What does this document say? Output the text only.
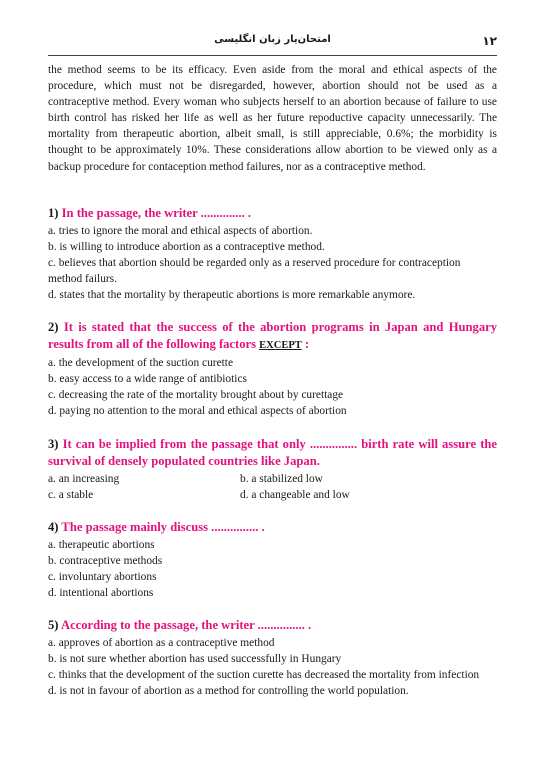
امتحان‌یار زبان انگلیسی	۱۲

the method seems to be its efficacy. Even aside from the moral and ethical aspects of the procedure, which must not be disregarded, however, abortion should not be used as a contraceptive method. Every woman who subjects herself to an abortion because of failure to use birth control has risked her life as well as her future repoductive capacity unnecessarily. The mortality from therapeutic abortion, albeit small, is still appreciable, 0.6%; the morbidity is thought to be approximately 10%. These considerations allow abortion to be viewed only as a backup procedure for contaception method failures, nor as a contraceptive method.

1) In the passage, the writer .............. .

a. tries to ignore the moral and ethical aspects of abortion.

b. is willing to introduce abortion as a contraceptive method.

c. believes that abortion should be regarded only as a reserved procedure for contraception method failurs.

d. states that the mortality by therapeutic abortions is more remarkable anymore.

2) It is stated that the success of the abortion programs in Japan and Hungary results from all of the following factors EXCEPT :

a. the development of the suction curette

b. easy access to a wide range of antibiotics

c. decreasing the rate of the mortality brought about by curettage

d. paying no attention to the moral and ethical aspects of abortion

3) It can be implied from the passage that only ............... birth rate will assure the survival of densely populated countries like Japan.

a. an increasing	b. a stabilized low

c. a stable	d. a changeable and low

4) The passage mainly discuss ............... .

a. therapeutic abortions

b. contraceptive methods

c. involuntary abortions

d. intentional abortions

5) According to the passage, the writer ............... .

a. approves of abortion as a contraceptive method

b. is not sure whether abortion has used successfully in Hungary

c. thinks that the development of the suction curette has decreased the mortality from infection

d. is not in favour of abortion as a method for controlling the world population.
